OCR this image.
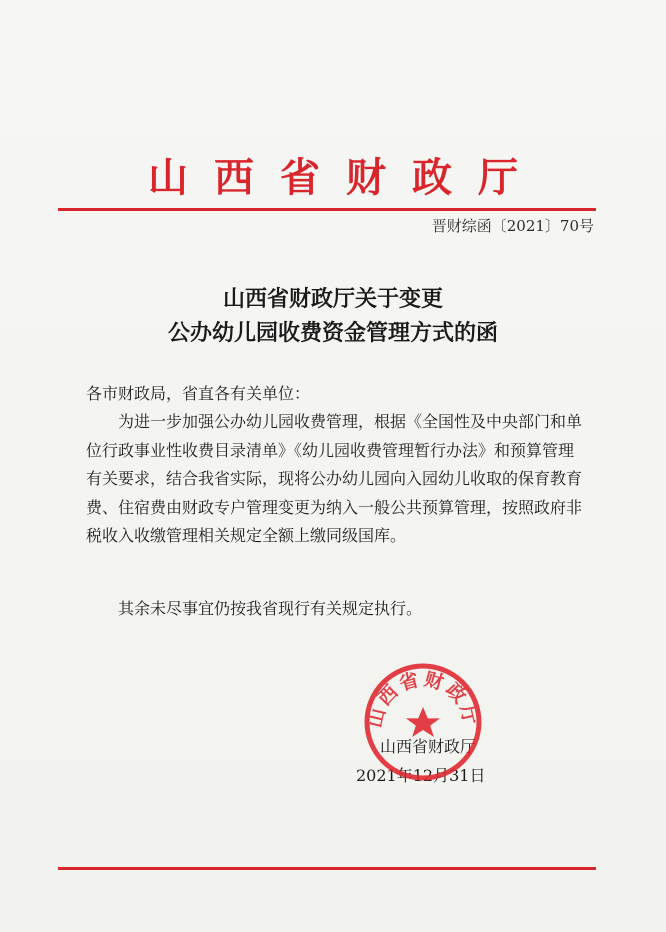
山西省财政厅
晋财综函〔2021〕70号
山西省财政厅关于变更
公办幼儿园收费资金管理方式的函
各市财政局，省直各有关单位：

为进一步加强公办幼儿园收费管理，根据《全国性及中央部门和单位行政事业性收费目录清单》《幼儿园收费管理暂行办法》和预算管理有关要求，结合我省实际，现将公办幼儿园向入园幼儿收取的保育教育费、住宿费由财政专户管理变更为纳入一般公共预算管理，按照政府非税收入收缴管理相关规定全额上缴同级国库。

其余未尽事宜仍按我省现行有关规定执行。

山西省财政厅
2021年12月31日
山西省财政厅
